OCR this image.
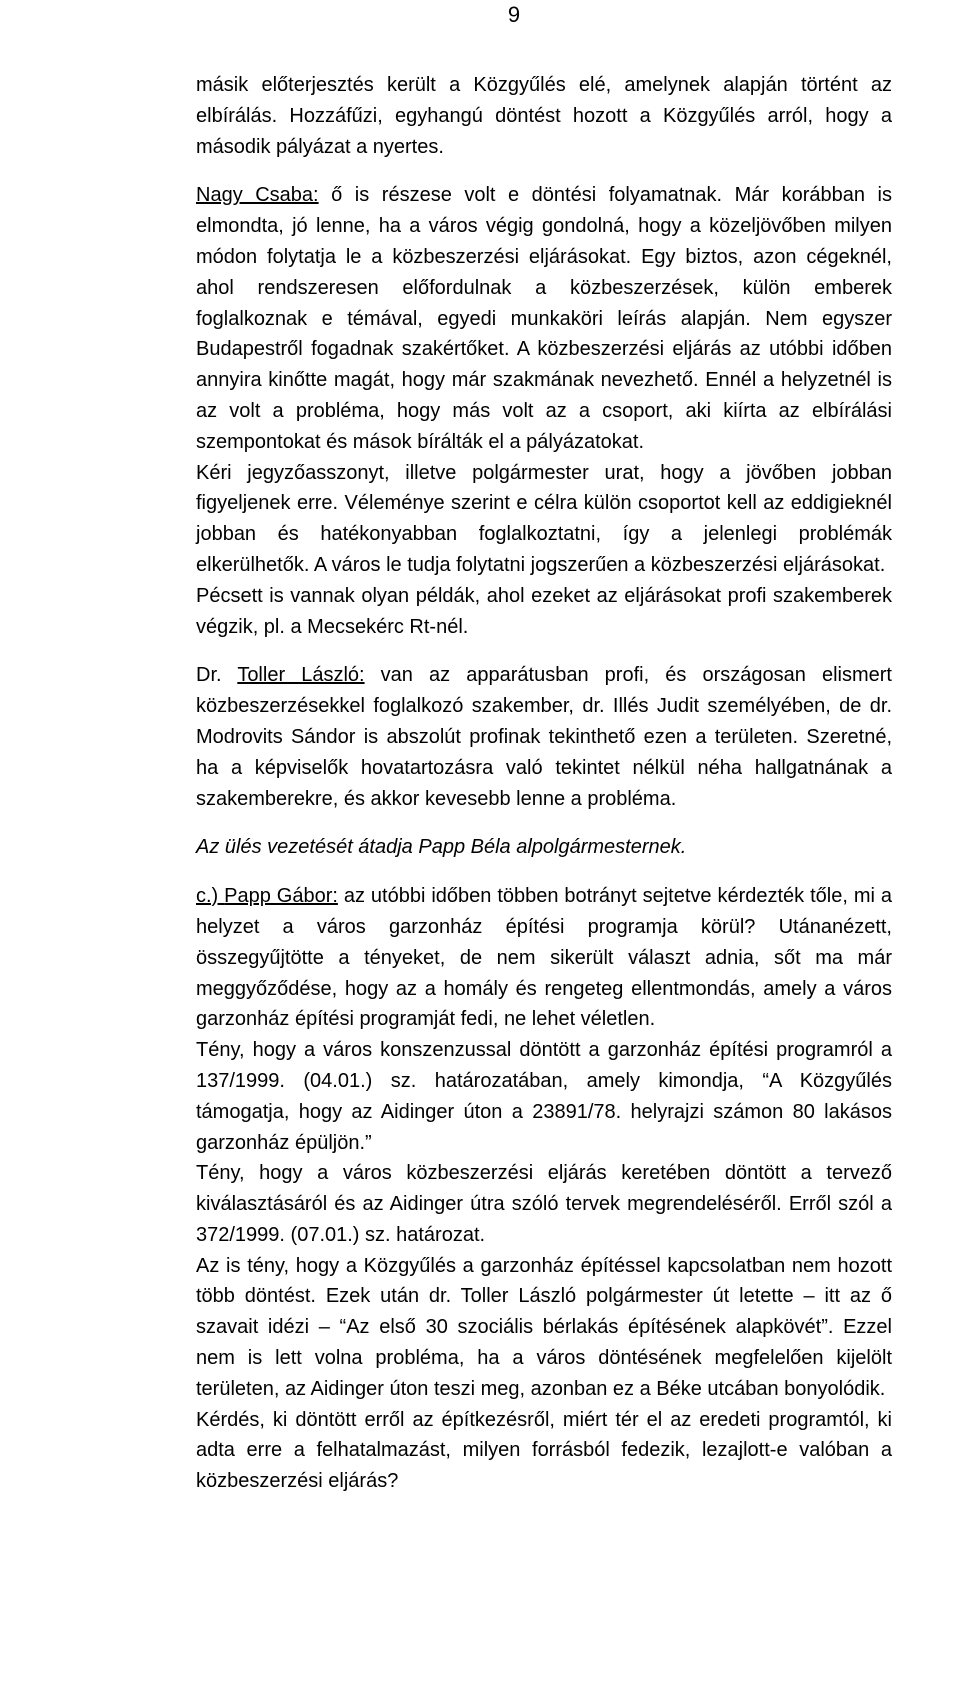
9

másik előterjesztés került a Közgyűlés elé, amelynek alapján történt az elbírálás. Hozzáfűzi, egyhangú döntést hozott a Közgyűlés arról, hogy a második pályázat a nyertes.

Nagy Csaba: ő is részese volt e döntési folyamatnak. Már korábban is elmondta, jó lenne, ha a város végig gondolná, hogy a közeljövőben milyen módon folytatja le a közbeszerzési eljárásokat. Egy biztos, azon cégeknél, ahol rendszeresen előfordulnak a közbeszerzések, külön emberek foglalkoznak e témával, egyedi munkaköri leírás alapján. Nem egyszer Budapestről fogadnak szakértőket. A közbeszerzési eljárás az utóbbi időben annyira kinőtte magát, hogy már szakmának nevezhető. Ennél a helyzetnél is az volt a probléma, hogy más volt az a csoport, aki kiírta az elbírálási szempontokat és mások bírálták el a pályázatokat.

Kéri jegyzőasszonyt, illetve polgármester urat, hogy a jövőben jobban figyeljenek erre. Véleménye szerint e célra külön csoportot kell az eddigieknél jobban és hatékonyabban foglalkoztatni, így a jelenlegi problémák elkerülhetők. A város le tudja folytatni jogszerűen a közbeszerzési eljárásokat.

Pécsett is vannak olyan példák, ahol ezeket az eljárásokat profi szakemberek végzik, pl. a Mecsekérc Rt-nél.

Dr. Toller László: van az apparátusban profi, és országosan elismert közbeszerzésekkel foglalkozó szakember, dr. Illés Judit személyében, de dr. Modrovits Sándor is abszolút profinak tekinthető ezen a területen. Szeretné, ha a képviselők hovatartozásra való tekintet nélkül néha hallgatnának a szakemberekre, és akkor kevesebb lenne a probléma.

Az ülés vezetését átadja Papp Béla alpolgármesternek.

c.) Papp Gábor: az utóbbi időben többen botrányt sejtetve kérdezték tőle, mi a helyzet a város garzonház építési programja körül? Utánanézett, összegyűjtötte a tényeket, de nem sikerült választ adnia, sőt ma már meggyőződése, hogy az a homály és rengeteg ellentmondás, amely a város garzonház építési programját fedi, ne lehet véletlen.

Tény, hogy a város konszenzussal döntött a garzonház építési programról a 137/1999. (04.01.) sz. határozatában, amely kimondja, “A Közgyűlés támogatja, hogy az Aidinger úton a 23891/78. helyrajzi számon 80 lakásos garzonház épüljön.”

Tény, hogy a város közbeszerzési eljárás keretében döntött a tervező kiválasztásáról és az Aidinger útra szóló tervek megrendeléséről. Erről szól a 372/1999. (07.01.) sz. határozat.

Az is tény, hogy a Közgyűlés a garzonház építéssel kapcsolatban nem hozott több döntést. Ezek után dr. Toller László polgármester út letette – itt az ő szavait idézi – “Az első 30 szociális bérlakás építésének alapkövét”. Ezzel nem is lett volna probléma, ha a város döntésének megfelelően kijelölt területen, az Aidinger úton teszi meg, azonban ez a Béke utcában bonyolódik.

Kérdés, ki döntött erről az építkezésről, miért tér el az eredeti programtól, ki adta erre a felhatalmazást, milyen forrásból fedezik, lezajlott-e valóban a közbeszerzési eljárás?
